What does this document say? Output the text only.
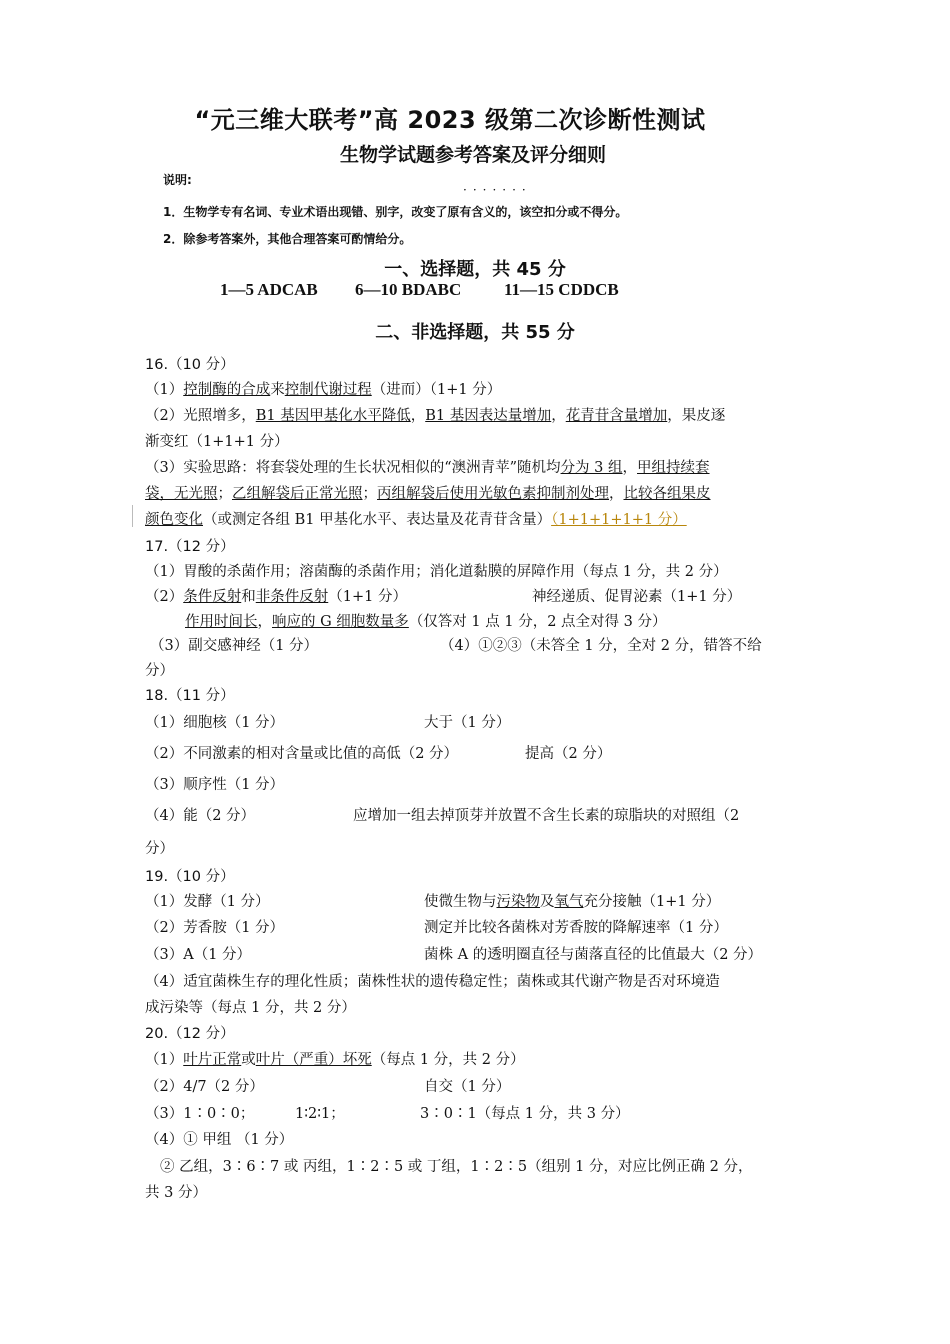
“元三维大联考”高 2023 级第二次诊断性测试
生物学试题参考答案及评分细则
说明:
·······
1．生物学专有名词、专业术语出现错、别字，改变了原有含义的，该空扣分或不得分。
2．除参考答案外，其他合理答案可酌情给分。
一、选择题，共 45 分
1—5 ADCAB 6—10 BDABC	11—15 CDDCB
二、非选择题，共 55 分
16.（10 分）
（1）控制酶的合成来控制代谢过程（进而）（1+1 分）
（2）光照增多，B1 基因甲基化水平降低，B1 基因表达量增加，花青苷含量增加，果皮逐
渐变红（1+1+1 分）
（3）实验思路：将套袋处理的生长状况相似的“澳洲青苹”随机均分为 3 组，甲组持续套
袋，无光照；乙组解袋后正常光照；丙组解袋后使用光敏色素抑制剂处理，比较各组果皮
颜色变化（或测定各组 B1 甲基化水平、表达量及花青苷含量）（1+1+1+1+1 分）
17.（12 分）
（1）胃酸的杀菌作用；溶菌酶的杀菌作用；消化道黏膜的屏障作用（每点 1 分，共 2 分）
（2）条件反射和非条件反射（1+1 分）	神经递质、促胃泌素（1+1 分）
作用时间长，响应的 G 细胞数量多（仅答对 1 点 1 分，2 点全对得 3 分）
（3）副交感神经（1 分）	（4）①②③（未答全 1 分，全对 2 分，错答不给
分）
18.（11 分）
（1）细胞核（1 分）	大于（1 分）
（2）不同激素的相对含量或比值的高低（2 分）	提高（2 分）
（3）顺序性（1 分）
（4）能（2 分）	应增加一组去掉顶芽并放置不含生长素的琼脂块的对照组（2
分）
19.（10 分）
（1）发酵（1 分）	使微生物与污染物及氧气充分接触（1+1 分）
（2）芳香胺（1 分）	测定并比较各菌株对芳香胺的降解速率（1 分）
（3）A（1 分）	菌株 A 的透明圈直径与菌落直径的比值最大（2 分）
（4）适宜菌株生存的理化性质；菌株性状的遗传稳定性；菌株或其代谢产物是否对环境造
成污染等（每点 1 分，共 2 分）
20.（12 分）
（1）叶片正常或叶片（严重）坏死（每点 1 分，共 2 分）
（2）4/7（2 分）	自交（1 分）
（3）1∶0∶0；	1∶2∶1；	3∶0∶1（每点 1 分，共 3 分）
（4）① 甲组 （1 分）
② 乙组，3∶6∶7 或 丙组，1∶2∶5 或 丁组，1∶2∶5（组别 1 分，对应比例正确 2 分，
共 3 分）
